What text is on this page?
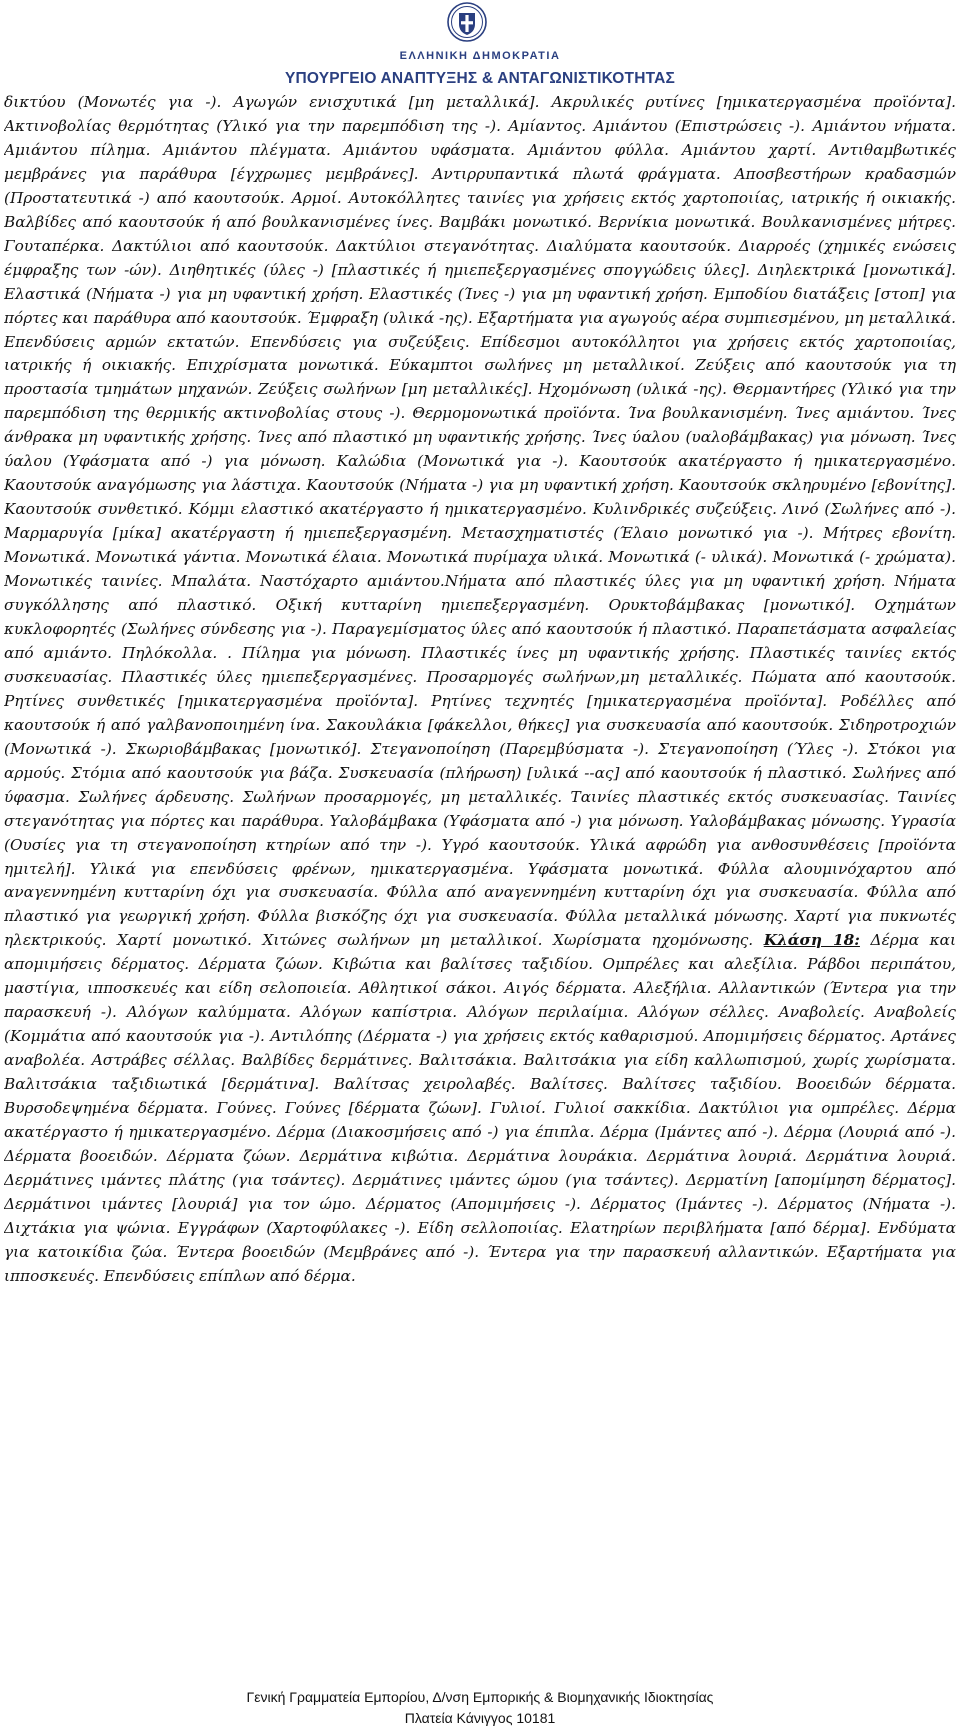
ΕΛΛΗΝΙΚΗ ΔΗΜΟΚΡΑΤΙΑ
ΥΠΟΥΡΓΕΙΟ ΑΝΑΠΤΥΞΗΣ & ΑΝΤΑΓΩΝΙΣΤΙΚΟΤΗΤΑΣ

δικτύου (Μονωτές για -). Αγωγών ενισχυτικά [μη μεταλλικά]. Ακρυλικές ρυτίνες [ημικατεργασμένα προϊόντα]. Ακτινοβολίας θερμότητας (Υλικό για την παρεμπόδιση της -). Αμίαντος. Αμιάντου (Επιστρώσεις -). Αμιάντου νήματα. Αμιάντου πίλημα. Αμιάντου πλέγματα. Αμιάντου υφάσματα. Αμιάντου φύλλα. Αμιάντου χαρτί. Αντιθαμβωτικές μεμβράνες για παράθυρα [έγχρωμες μεμβράνες]. Αντιρρυπαντικά πλωτά φράγματα. Αποσβεστήρων κραδασμών (Προστατευτικά -) από καουτσούκ. Αρμοί. Αυτοκόλλητες ταινίες για χρήσεις εκτός χαρτοποιίας, ιατρικής ή οικιακής. Βαλβίδες από καουτσούκ ή από βουλκανισμένες ίνες. Βαμβάκι μονωτικό. Βερνίκια μονωτικά. Βουλκανισμένες μήτρες. Γουταπέρκα. Δακτύλιοι από καουτσούκ. Δακτύλιοι στεγανότητας. Διαλύματα καουτσούκ. Διαρροές (χημικές ενώσεις έμφραξης των -ών). Διηθητικές (ύλες -) [πλαστικές ή ημιεπεξεργασμένες σπογγώδεις ύλες]. Διηλεκτρικά [μονωτικά]. Ελαστικά (Νήματα -) για μη υφαντική χρήση. Ελαστικές (Ίνες -) για μη υφαντική χρήση. Εμποδίου διατάξεις [στοπ] για πόρτες και παράθυρα από καουτσούκ. Έμφραξη (υλικά -ης). Εξαρτήματα για αγωγούς αέρα συμπιεσμένου, μη μεταλλικά. Επενδύσεις αρμών εκτατών. Επενδύσεις για συζεύξεις. Επίδεσμοι αυτοκόλλητοι για χρήσεις εκτός χαρτοποιίας, ιατρικής ή οικιακής. Επιχρίσματα μονωτικά. Εύκαμπτοι σωλήνες μη μεταλλικοί. Ζεύξεις από καουτσούκ για τη προστασία τμημάτων μηχανών. Ζεύξεις σωλήνων [μη μεταλλικές]. Ηχομόνωση (υλικά -ης). Θερμαντήρες (Υλικό για την παρεμπόδιση της θερμικής ακτινοβολίας στους -). Θερμομονωτικά προϊόντα. Ίνα βουλκανισμένη. Ίνες αμιάντου. Ίνες άνθρακα μη υφαντικής χρήσης. Ίνες από πλαστικό μη υφαντικής χρήσης. Ίνες ύαλου (υαλοβάμβακας) για μόνωση. Ίνες ύαλου (Υφάσματα από -) για μόνωση. Καλώδια (Μονωτικά για -). Καουτσούκ ακατέργαστο ή ημικατεργασμένο. Καουτσούκ αναγόμωσης για λάστιχα. Καουτσούκ (Νήματα -) για μη υφαντική χρήση. Καουτσούκ σκληρυμένο [εβονίτης]. Καουτσούκ συνθετικό. Κόμμι ελαστικό ακατέργαστο ή ημικατεργασμένο. Κυλινδρικές συζεύξεις. Λινό (Σωλήνες από -). Μαρμαρυγία [μίκα] ακατέργαστη ή ημιεπεξεργασμένη. Μετασχηματιστές (Έλαιο μονωτικό για -). Μήτρες εβονίτη. Μονωτικά. Μονωτικά γάντια. Μονωτικά έλαια. Μονωτικά πυρίμαχα υλικά. Μονωτικά (- υλικά). Μονωτικά (- χρώματα). Μονωτικές ταινίες. Μπαλάτα. Ναστόχαρτο αμιάντου.Νήματα από πλαστικές ύλες για μη υφαντική χρήση. Νήματα συγκόλλησης από πλαστικό. Οξική κυτταρίνη ημιεπεξεργασμένη. Ορυκτοβάμβακας [μονωτικό]. Οχημάτων κυκλοφορητές (Σωλήνες σύνδεσης για -). Παραγεμίσματος ύλες από καουτσούκ ή πλαστικό. Παραπετάσματα ασφαλείας από αμιάντο. Πηλόκολλα. . Πίλημα για μόνωση. Πλαστικές ίνες μη υφαντικής χρήσης. Πλαστικές ταινίες εκτός συσκευασίας. Πλαστικές ύλες ημιεπεξεργασμένες. Προσαρμογές σωλήνων,μη μεταλλικές. Πώματα από καουτσούκ. Ρητίνες συνθετικές [ημικατεργασμένα προϊόντα]. Ρητίνες τεχνητές [ημικατεργασμένα προϊόντα]. Ροδέλλες από καουτσούκ ή από γαλβανοποιημένη ίνα. Σακουλάκια [φάκελλοι, θήκες] για συσκευασία από καουτσούκ. Σιδηροτροχιών (Μονωτικά -). Σκωριοβάμβακας [μονωτικό]. Στεγανοποίηση (Παρεμβύσματα -). Στεγανοποίηση (Ύλες -). Στόκοι για αρμούς. Στόμια από καουτσούκ για βάζα. Συσκευασία (πλήρωση) [υλικά --ας] από καουτσούκ ή πλαστικό. Σωλήνες από ύφασμα. Σωλήνες άρδευσης. Σωλήνων προσαρμογές, μη μεταλλικές. Ταινίες πλαστικές εκτός συσκευασίας. Ταινίες στεγανότητας για πόρτες και παράθυρα. Υαλοβάμβακα (Υφάσματα από -) για μόνωση. Υαλοβάμβακας μόνωσης. Υγρασία (Ουσίες για τη στεγανοποίηση κτηρίων από την -). Υγρό καουτσούκ. Υλικά αφρώδη για ανθοσυνθέσεις [προϊόντα ημιτελή]. Υλικά για επενδύσεις φρένων, ημικατεργασμένα. Υφάσματα μονωτικά. Φύλλα αλουμινόχαρτου από αναγεννημένη κυτταρίνη όχι για συσκευασία. Φύλλα από αναγεννημένη κυτταρίνη όχι για συσκευασία. Φύλλα από πλαστικό για γεωργική χρήση. Φύλλα βισκόζης όχι για συσκευασία. Φύλλα μεταλλικά μόνωσης. Χαρτί για πυκνωτές ηλεκτρικούς. Χαρτί μονωτικό. Χιτώνες σωλήνων μη μεταλλικοί. Χωρίσματα ηχομόνωσης. Κλάση 18: Δέρμα και απομιμήσεις δέρματος. Δέρματα ζώων. Κιβώτια και βαλίτσες ταξιδίου. Ομπρέλες και αλεξίλια. Ράβδοι περιπάτου, μαστίγια, ιπποσκευές και είδη σελοποιεία. Αθλητικοί σάκοι. Αιγός δέρματα. Αλεξήλια. Αλλαντικών (Έντερα για την παρασκευή -). Αλόγων καλύμματα. Αλόγων καπίστρια. Αλόγων περιλαίμια. Αλόγων σέλλες. Αναβολείς. Αναβολείς (Κομμάτια από καουτσούκ για -). Αντιλόπης (Δέρματα -) για χρήσεις εκτός καθαρισμού. Απομιμήσεις δέρματος. Αρτάνες αναβολέα. Αστράβες σέλλας. Βαλβίδες δερμάτινες. Βαλιτσάκια. Βαλιτσάκια για είδη καλλωπισμού, χωρίς χωρίσματα. Βαλιτσάκια ταξιδιωτικά [δερμάτινα]. Βαλίτσας χειρολαβές. Βαλίτσες. Βαλίτσες ταξιδίου. Βοοειδών δέρματα. Βυρσοδεψημένα δέρματα. Γούνες. Γούνες [δέρματα ζώων]. Γυλιοί. Γυλιοί σακκίδια. Δακτύλιοι για ομπρέλες. Δέρμα ακατέργαστο ή ημικατεργασμένο. Δέρμα (Διακοσμήσεις από -) για έπιπλα. Δέρμα (Ιμάντες από -). Δέρμα (Λουριά από -). Δέρματα βοοειδών. Δέρματα ζώων. Δερμάτινα κιβώτια. Δερμάτινα λουράκια. Δερμάτινα λουριά. Δερμάτινα λουριά. Δερμάτινες ιμάντες πλάτης (για τσάντες). Δερμάτινες ιμάντες ώμου (για τσάντες). Δερματίνη [απομίμηση δέρματος]. Δερμάτινοι ιμάντες [λουριά] για τον ώμο. Δέρματος (Απομιμήσεις -). Δέρματος (Ιμάντες -). Δέρματος (Νήματα -). Διχτάκια για ψώνια. Εγγράφων (Χαρτοφύλακες -). Είδη σελλοποιίας. Ελατηρίων περιβλήματα [από δέρμα]. Ενδύματα για κατοικίδια ζώα. Έντερα βοοειδών (Μεμβράνες από -). Έντερα για την παρασκευή αλλαντικών. Εξαρτήματα για ιπποσκευές. Επενδύσεις επίπλων από δέρμα.

Γενική Γραμματεία Εμπορίου, Δ/νση Εμπορικής & Βιομηχανικής Ιδιοκτησίας
Πλατεία Κάνιγγος 10181
